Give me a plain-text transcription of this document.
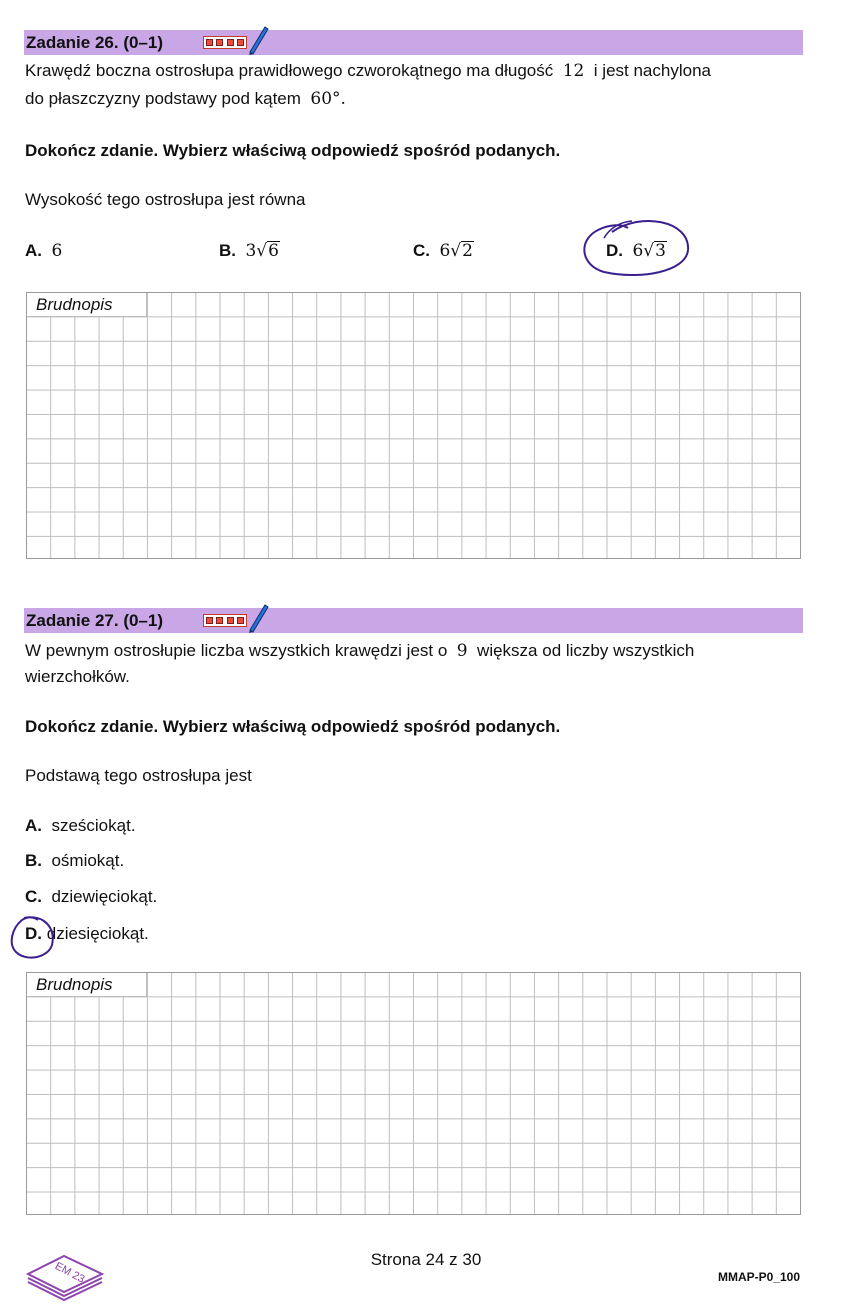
Zadanie 26. (0–1)
Krawędź boczna ostrosłupa prawidłowego czworokątnego ma długość 12 i jest nachylona
do płaszczyzny podstawy pod kątem 60°.
Dokończ zdanie. Wybierz właściwą odpowiedź spośród podanych.
Wysokość tego ostrosłupa jest równa
A. 6	B. 3√6	C. 6√2	D. 6√3
Brudnopis
Zadanie 27. (0–1)
W pewnym ostrosłupie liczba wszystkich krawędzi jest o 9 większa od liczby wszystkich
wierzchołków.
Dokończ zdanie. Wybierz właściwą odpowiedź spośród podanych.
Podstawą tego ostrosłupa jest
A. sześciokąt.
B. ośmiokąt.
C. dziewięciokąt.
D. dziesięciokąt.
Brudnopis
EM 23
Strona 24 z 30
MMAP-P0_100
